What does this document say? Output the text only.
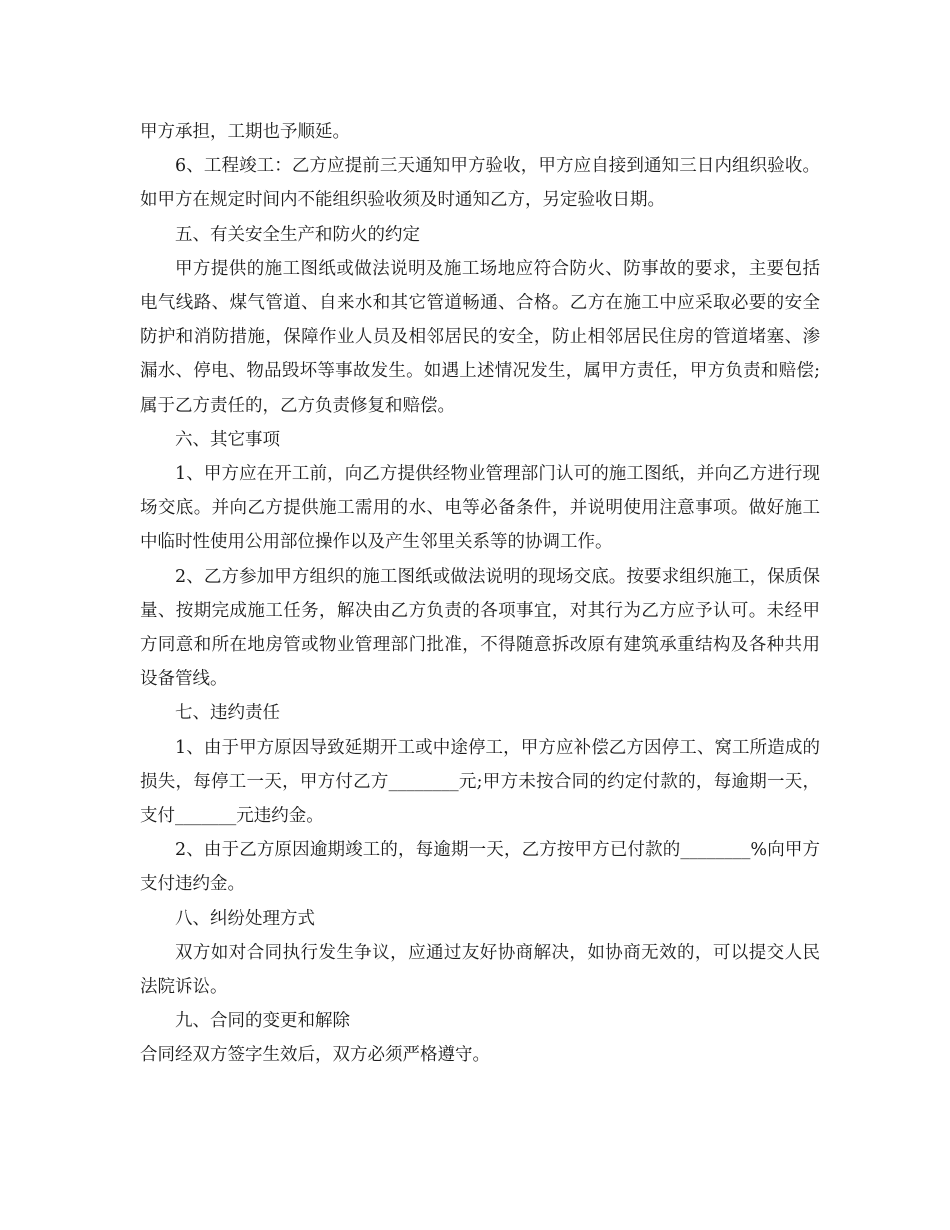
甲方承担，工期也予顺延。

6、工程竣工：乙方应提前三天通知甲方验收，甲方应自接到通知三日内组织验收。如甲方在规定时间内不能组织验收须及时通知乙方，另定验收日期。

五、有关安全生产和防火的约定

甲方提供的施工图纸或做法说明及施工场地应符合防火、防事故的要求，主要包括电气线路、煤气管道、自来水和其它管道畅通、合格。乙方在施工中应采取必要的安全防护和消防措施，保障作业人员及相邻居民的安全，防止相邻居民住房的管道堵塞、渗漏水、停电、物品毁坏等事故发生。如遇上述情况发生，属甲方责任，甲方负责和赔偿;属于乙方责任的，乙方负责修复和赔偿。

六、其它事项

1、甲方应在开工前，向乙方提供经物业管理部门认可的施工图纸，并向乙方进行现场交底。并向乙方提供施工需用的水、电等必备条件，并说明使用注意事项。做好施工中临时性使用公用部位操作以及产生邻里关系等的协调工作。

2、乙方参加甲方组织的施工图纸或做法说明的现场交底。按要求组织施工，保质保量、按期完成施工任务，解决由乙方负责的各项事宜，对其行为乙方应予认可。未经甲方同意和所在地房管或物业管理部门批准，不得随意拆改原有建筑承重结构及各种共用设备管线。

七、违约责任

1、由于甲方原因导致延期开工或中途停工，甲方应补偿乙方因停工、窝工所造成的损失，每停工一天，甲方付乙方________元;甲方未按合同的约定付款的，每逾期一天，支付_______元违约金。

2、由于乙方原因逾期竣工的，每逾期一天，乙方按甲方已付款的________%向甲方支付违约金。

八、纠纷处理方式

双方如对合同执行发生争议，应通过友好协商解决，如协商无效的，可以提交人民法院诉讼。

九、合同的变更和解除

合同经双方签字生效后，双方必须严格遵守。
